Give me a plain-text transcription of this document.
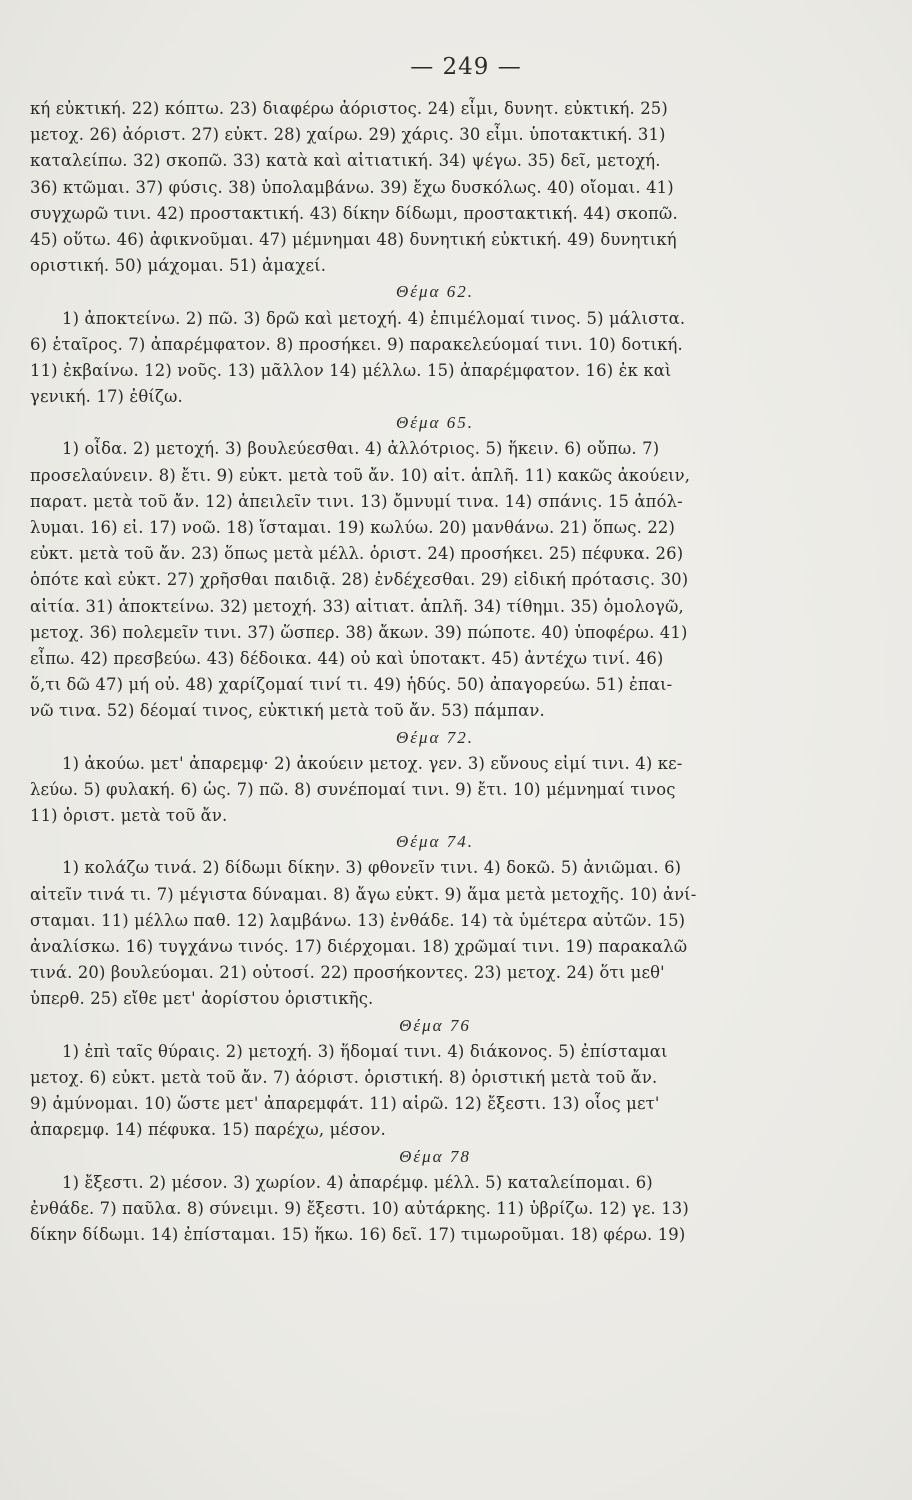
— 249 —
κή εὐκτική. 22) κόπτω. 23) διαφέρω ἀόριστος. 24) εἶμι, δυνητ. εὐκτική. 25)
μετοχ. 26) ἀόριστ. 27) εὐκτ. 28) χαίρω. 29) χάρις. 30 εἶμι. ὑποτακτική. 31)
καταλείπω. 32) σκοπῶ. 33) κατὰ καὶ αἰτιατική. 34) ψέγω. 35) δεῖ, μετοχή.
36) κτῶμαι. 37) φύσις. 38) ὑπολαμβάνω. 39) ἔχω δυσκόλως. 40) οἴομαι. 41)
συγχωρῶ τινι. 42) προστακτική. 43) δίκην δίδωμι, προστακτική. 44) σκοπῶ.
45) οὕτω. 46) ἀφικνοῦμαι. 47) μέμνημαι 48) δυνητική εὐκτική. 49) δυνητική
οριστική. 50) μάχομαι. 51) ἀμαχεί.
Θέμα 62.
1) ἀποκτείνω. 2) πῶ. 3) δρῶ καὶ μετοχή. 4) ἐπιμέλομαί τινος. 5) μάλιστα.
6) ἑταῖρος. 7) ἀπαρέμφατον. 8) προσήκει. 9) παρακελεύομαί τινι. 10) δοτική.
11) ἐκβαίνω. 12) νοῦς. 13) μᾶλλον 14) μέλλω. 15) ἀπαρέμφατον. 16) ἐκ καὶ
γενική. 17) ἐθίζω.
Θέμα 65.
1) οἶδα. 2) μετοχή. 3) βουλεύεσθαι. 4) ἀλλότριος. 5) ἥκειν. 6) οὔπω. 7)
προσελαύνειν. 8) ἔτι. 9) εὐκτ. μετὰ τοῦ ἄν. 10) αἰτ. ἁπλῆ. 11) κακῶς ἀκούειν,
παρατ. μετὰ τοῦ ἄν. 12) ἀπειλεῖν τινι. 13) ὄμνυμί τινα. 14) σπάνις. 15 ἀπόλ-
λυμαι. 16) εἰ. 17) νοῶ. 18) ἵσταμαι. 19) κωλύω. 20) μανθάνω. 21) ὅπως. 22)
εὐκτ. μετὰ τοῦ ἄν. 23) ὅπως μετὰ μέλλ. ὁριστ. 24) προσήκει. 25) πέφυκα. 26)
ὁπότε καὶ εὐκτ. 27) χρῆσθαι παιδιᾷ. 28) ἐνδέχεσθαι. 29) εἰδική πρότασις. 30)
αἰτία. 31) ἀποκτείνω. 32) μετοχή. 33) αἰτιατ. ἁπλῆ. 34) τίθημι. 35) ὁμολογῶ,
μετοχ. 36) πολεμεῖν τινι. 37) ὥσπερ. 38) ἄκων. 39) πώποτε. 40) ὑποφέρω. 41)
εἶπω. 42) πρεσβεύω. 43) δέδοικα. 44) οὐ καὶ ὑποτακτ. 45) ἀντέχω τινί. 46)
ὅ,τι δῶ 47) μή οὐ. 48) χαρίζομαί τινί τι. 49) ἡδύς. 50) ἀπαγορεύω. 51) ἐπαι-
νῶ τινα. 52) δέομαί τινος, εὐκτική μετὰ τοῦ ἄν. 53) πάμπαν.
Θέμα 72.
1) ἀκούω. μετ' ἀπαρεμφ· 2) ἀκούειν μετοχ. γεν. 3) εὔνους εἰμί τινι. 4) κε-
λεύω. 5) φυλακή. 6) ὡς. 7) πῶ. 8) συνέπομαί τινι. 9) ἔτι. 10) μέμνημαί τινος
11) ὁριστ. μετὰ τοῦ ἄν.
Θέμα 74.
1) κολάζω τινά. 2) δίδωμι δίκην. 3) φθονεῖν τινι. 4) δοκῶ. 5) ἀνιῶμαι. 6)
αἰτεῖν τινά τι. 7) μέγιστα δύναμαι. 8) ἄγω εὐκτ. 9) ἅμα μετὰ μετοχῆς. 10) ἀνί-
σταμαι. 11) μέλλω παθ. 12) λαμβάνω. 13) ἐνθάδε. 14) τὰ ὑμέτερα αὐτῶν. 15)
ἀναλίσκω. 16) τυγχάνω τινός. 17) διέρχομαι. 18) χρῶμαί τινι. 19) παρακαλῶ
τινά. 20) βουλεύομαι. 21) οὑτοσί. 22) προσήκοντες. 23) μετοχ. 24) ὅτι μεθ'
ὑπερθ. 25) εἴθε μετ' ἀορίστου ὁριστικῆς.
Θέμα 76
1) ἐπὶ ταῖς θύραις. 2) μετοχή. 3) ἥδομαί τινι. 4) διάκονος. 5) ἐπίσταμαι
μετοχ. 6) εὐκτ. μετὰ τοῦ ἄν. 7) ἀόριστ. ὁριστική. 8) ὁριστική μετὰ τοῦ ἄν.
9) ἀμύνομαι. 10) ὥστε μετ' ἀπαρεμφάτ. 11) αἱρῶ. 12) ἔξεστι. 13) οἷος μετ'
ἀπαρεμφ. 14) πέφυκα. 15) παρέχω, μέσον.
Θέμα 78
1) ἔξεστι. 2) μέσον. 3) χωρίον. 4) ἀπαρέμφ. μέλλ. 5) καταλείπομαι. 6)
ἐνθάδε. 7) παῦλα. 8) σύνειμι. 9) ἔξεστι. 10) αὐτάρκης. 11) ὑβρίζω. 12) γε. 13)
δίκην δίδωμι. 14) ἐπίσταμαι. 15) ἥκω. 16) δεῖ. 17) τιμωροῦμαι. 18) φέρω. 19)
